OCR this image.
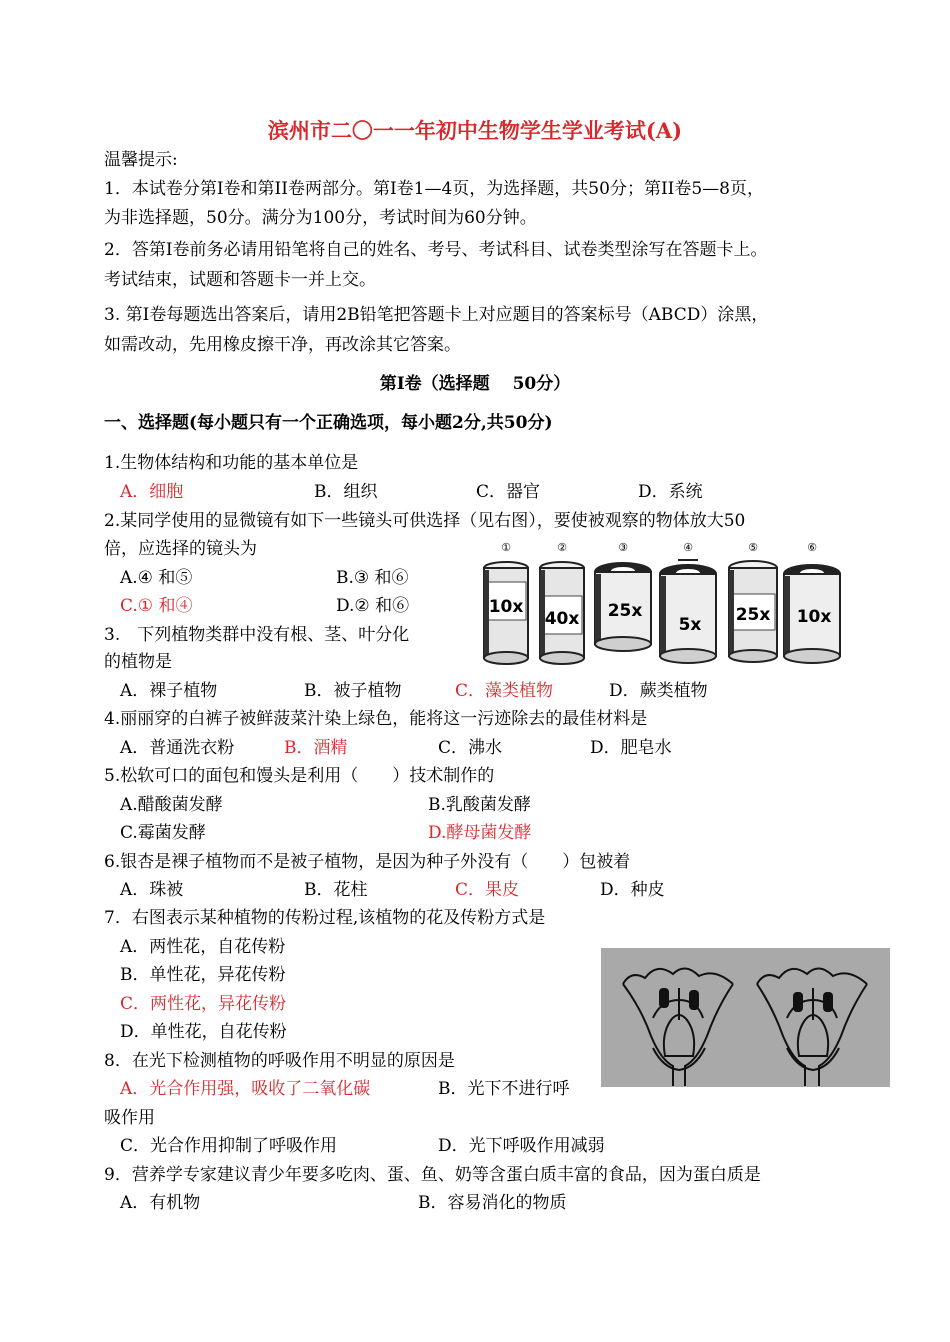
滨州市二〇一一年初中生物学生学业考试(A)
温馨提示:
1．本试卷分第Ⅰ卷和第II卷两部分。第Ⅰ卷1—4页，为选择题，共50分；第II卷5—8页，
为非选择题，50分。满分为100分，考试时间为60分钟。
2．答第Ⅰ卷前务必请用铅笔将自己的姓名、考号、考试科目、试卷类型涂写在答题卡上。
考试结束，试题和答题卡一并上交。
3. 第Ⅰ卷每题选出答案后，请用2B铅笔把答题卡上对应题目的答案标号（ABCD）涂黑，
如需改动，先用橡皮擦干净，再改涂其它答案。
第Ⅰ卷（选择题　 50分）
一、选择题(每小题只有一个正确选项，每小题2分,共50分)
1.生物体结构和功能的基本单位是
A．细胞	B．组织	C．器官	D．系统
2.某同学使用的显微镜有如下一些镜头可供选择（见右图），要使被观察的物体放大50
倍，应选择的镜头为
A.④ 和⑤	B.③ 和⑥
C.① 和④	D.② 和⑥
①
10x
②
40x
③
25x
④
5x
⑤
25x
⑥
10x
3.　下列植物类群中没有根、茎、叶分化
的植物是
A．裸子植物	B．被子植物	C．藻类植物	D．蕨类植物
4.丽丽穿的白裤子被鲜菠菜汁染上绿色，能将这一污迹除去的最佳材料是
A．普通洗衣粉	B．酒精	C．沸水	D．肥皂水
5.松软可口的面包和馒头是利用（　　）技术制作的
A.醋酸菌发酵	B.乳酸菌发酵
C.霉菌发酵	D.酵母菌发酵
6.银杏是裸子植物而不是被子植物，是因为种子外没有（　　）包被着
A．珠被	B．花柱	C．果皮	D．种皮
7．右图表示某种植物的传粉过程,该植物的花及传粉方式是
A．两性花，自花传粉
B．单性花，异花传粉
C．两性花，异花传粉
D．单性花，自花传粉
8．在光下检测植物的呼吸作用不明显的原因是
A．光合作用强，吸收了二氧化碳	B．光下不进行呼
吸作用
C．光合作用抑制了呼吸作用	D．光下呼吸作用减弱
9．营养学专家建议青少年要多吃肉、蛋、鱼、奶等含蛋白质丰富的食品，因为蛋白质是
A．有机物	B．容易消化的物质
